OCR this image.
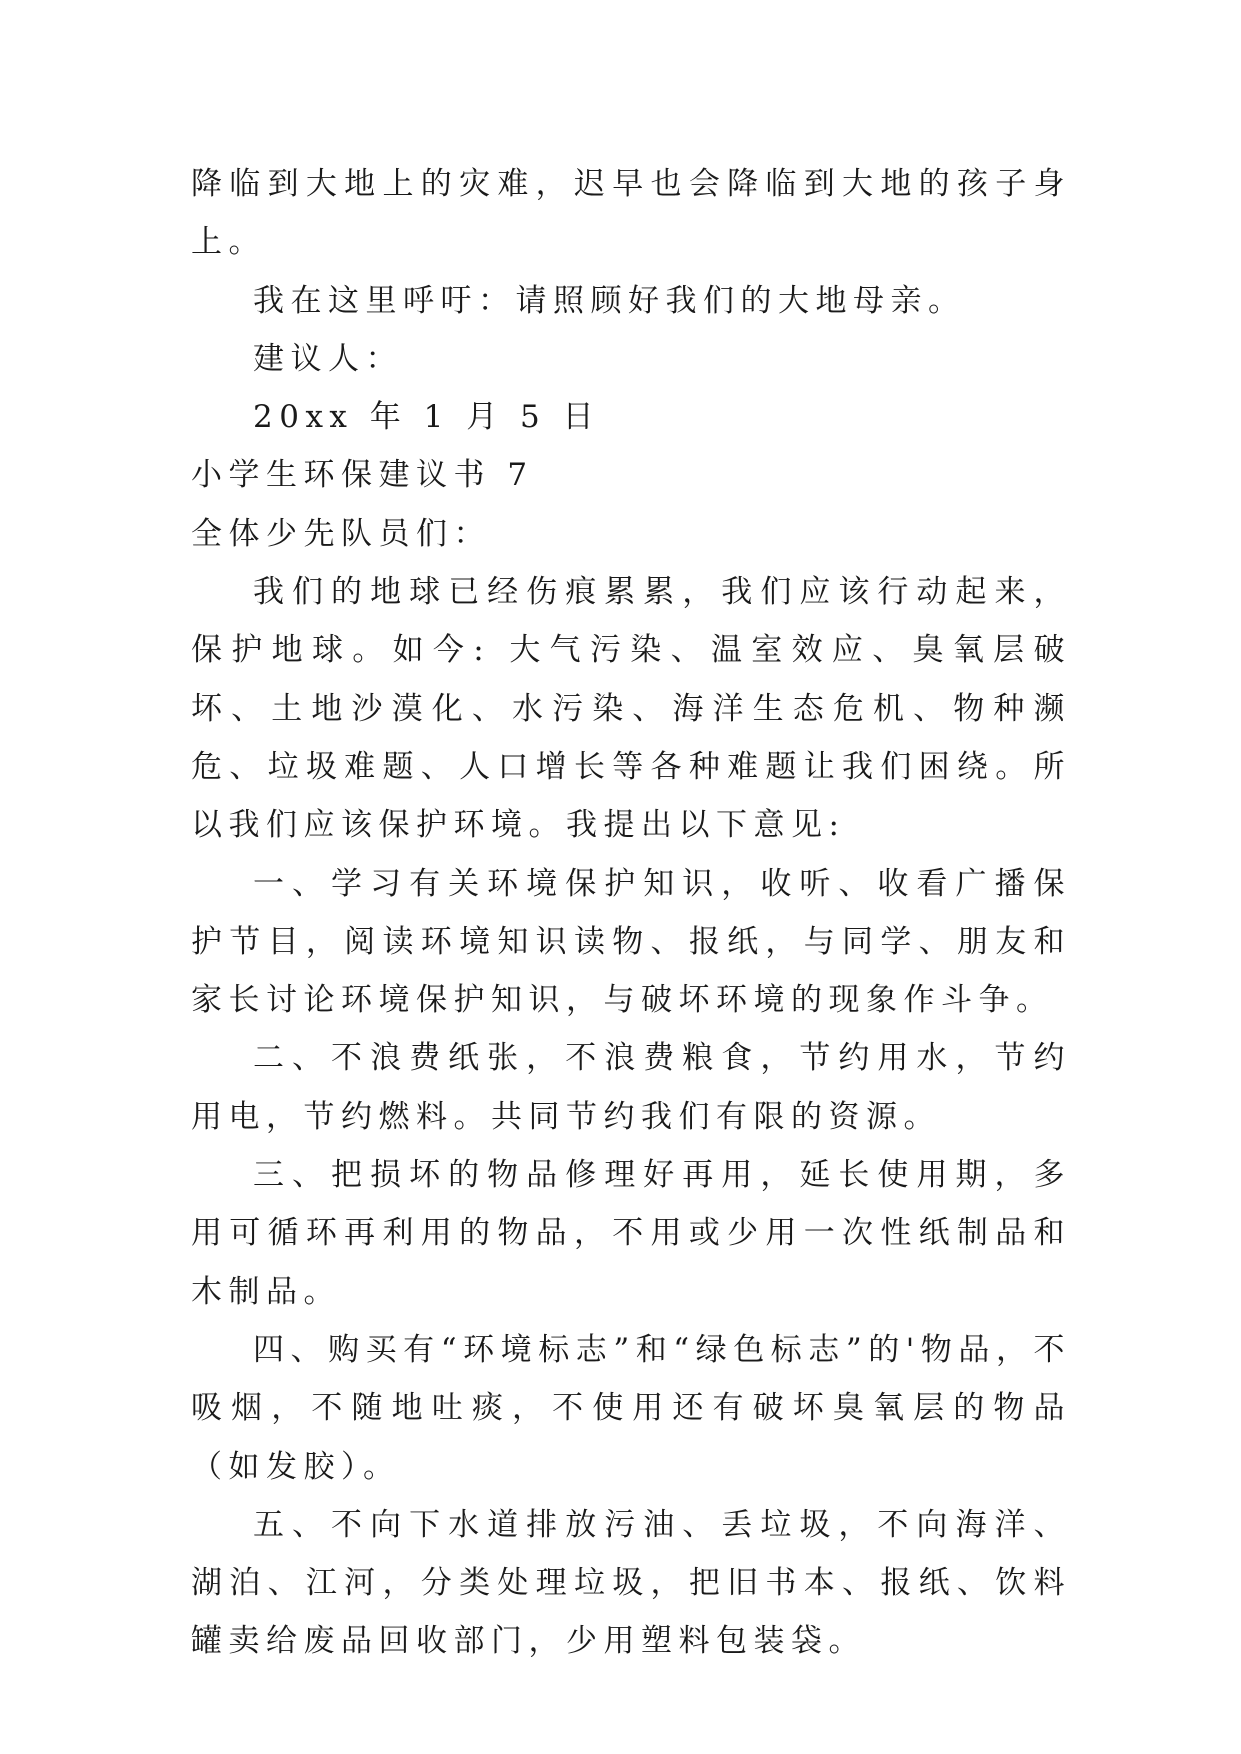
降临到大地上的灾难，迟早也会降临到大地的孩子身上。

我在这里呼吁：请照顾好我们的大地母亲。

建议人：

20xx 年 1 月 5 日

小学生环保建议书 7

全体少先队员们：

我们的地球已经伤痕累累，我们应该行动起来，保护地球。如今: 大气污染、温室效应、臭氧层破坏、土地沙漠化、水污染、海洋生态危机、物种濒危、垃圾难题、人口增长等各种难题让我们困绕。所以我们应该保护环境。我提出以下意见:

一、学习有关环境保护知识，收听、收看广播保护节目，阅读环境知识读物、报纸，与同学、朋友和家长讨论环境保护知识，与破坏环境的现象作斗争。

二、不浪费纸张，不浪费粮食，节约用水，节约用电，节约燃料。共同节约我们有限的资源。

三、把损坏的物品修理好再用，延长使用期，多用可循环再利用的物品，不用或少用一次性纸制品和木制品。

四、购买有“环境标志”和“绿色标志”的'物品，不吸烟，不随地吐痰，不使用还有破坏臭氧层的物品（如发胶）。

五、不向下水道排放污油、丢垃圾，不向海洋、湖泊、江河，分类处理垃圾，把旧书本、报纸、饮料罐卖给废品回收部门，少用塑料包装袋。
